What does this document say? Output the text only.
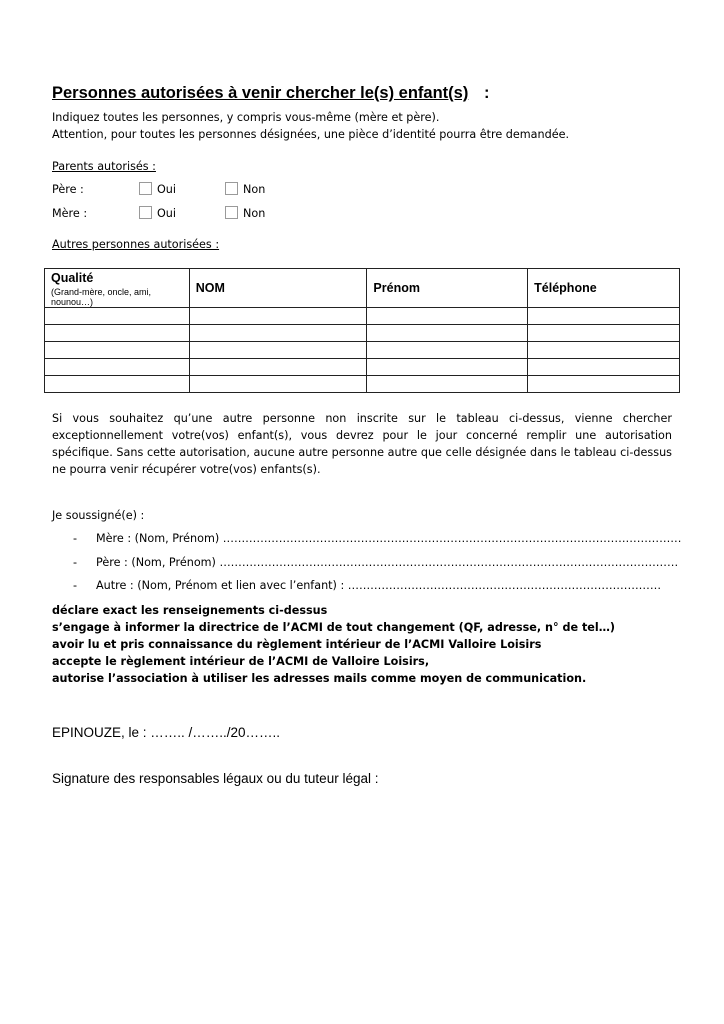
Personnes autorisées à venir chercher le(s) enfant(s) :
Indiquez toutes les personnes, y compris vous-même (mère et père).
Attention, pour toutes les personnes désignées, une pièce d’identité pourra être demandée.
Parents autorisés :
Père :	Oui	Non
Mère :	Oui	Non
Autres personnes autorisées :
Qualité
(Grand-mère, oncle, ami, nounou…)	NOM	Prénom	Téléphone

Si vous souhaitez qu’une autre personne non inscrite sur le tableau ci-dessus, vienne chercher exceptionnellement votre(vos) enfant(s), vous devrez pour le jour concerné remplir une autorisation spécifique. Sans cette autorisation, aucune autre personne autre que celle désignée dans le tableau ci-dessus ne pourra venir récupérer votre(vos) enfants(s).
Je soussigné(e) :
- Mère : (Nom, Prénom) ……………………………………………………………………………………………………………
- Père : (Nom, Prénom) ……………………………………………………………………………………………………………
- Autre : (Nom, Prénom et lien avec l’enfant) : …………………………………………………………………………
déclare exact les renseignements ci-dessus
s’engage à informer la directrice de l’ACMI de tout changement (QF, adresse, n° de tel…)
avoir lu et pris connaissance du règlement intérieur de l’ACMI Valloire Loisirs
accepte le règlement intérieur de l’ACMI de Valloire Loisirs,
autorise l’association à utiliser les adresses mails comme moyen de communication.
EPINOUZE, le : …….. /……../20……..
Signature des responsables légaux ou du tuteur légal :
